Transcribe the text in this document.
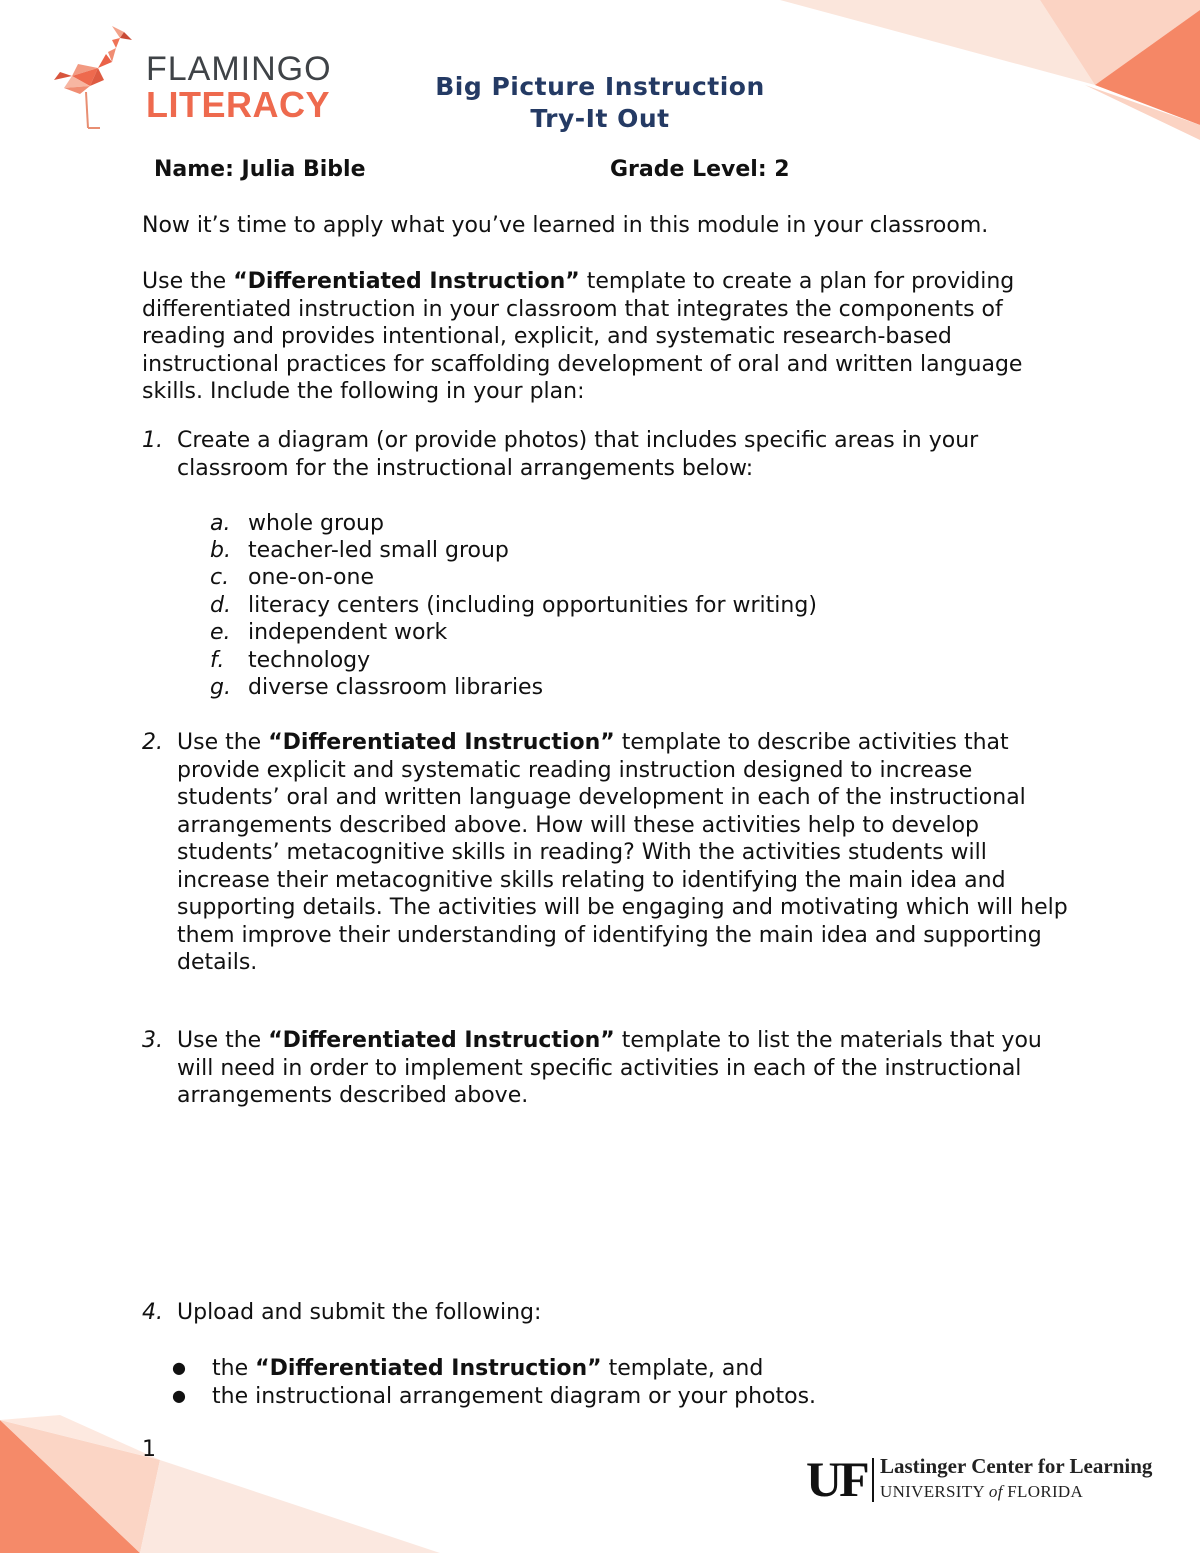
FLAMINGO
LITERACY	Big Picture Instruction
Try-It Out
Name: Julia Bible	Grade Level: 2
Now it’s time to apply what you’ve learned in this module in your classroom.
Use the “Differentiated Instruction” template to create a plan for providing differentiated instruction in your classroom that integrates the components of reading and provides intentional, explicit, and systematic research-based instructional practices for scaffolding development of oral and written language skills. Include the following in your plan:
1. Create a diagram (or provide photos) that includes specific areas in your classroom for the instructional arrangements below:
a. whole group
b. teacher-led small group
c. one-on-one
d. literacy centers (including opportunities for writing)
e. independent work
f. technology
g. diverse classroom libraries
2. Use the “Differentiated Instruction” template to describe activities that provide explicit and systematic reading instruction designed to increase students’ oral and written language development in each of the instructional arrangements described above. How will these activities help to develop students’ metacognitive skills in reading? With the activities students will increase their metacognitive skills relating to identifying the main idea and supporting details. The activities will be engaging and motivating which will help them improve their understanding of identifying the main idea and supporting details.
3. Use the “Differentiated Instruction” template to list the materials that you will need in order to implement specific activities in each of the instructional arrangements described above.
4. Upload and submit the following:
● the “Differentiated Instruction” template, and
● the instructional arrangement diagram or your photos.
1
UF Lastinger Center for Learning
UNIVERSITY of FLORIDA
